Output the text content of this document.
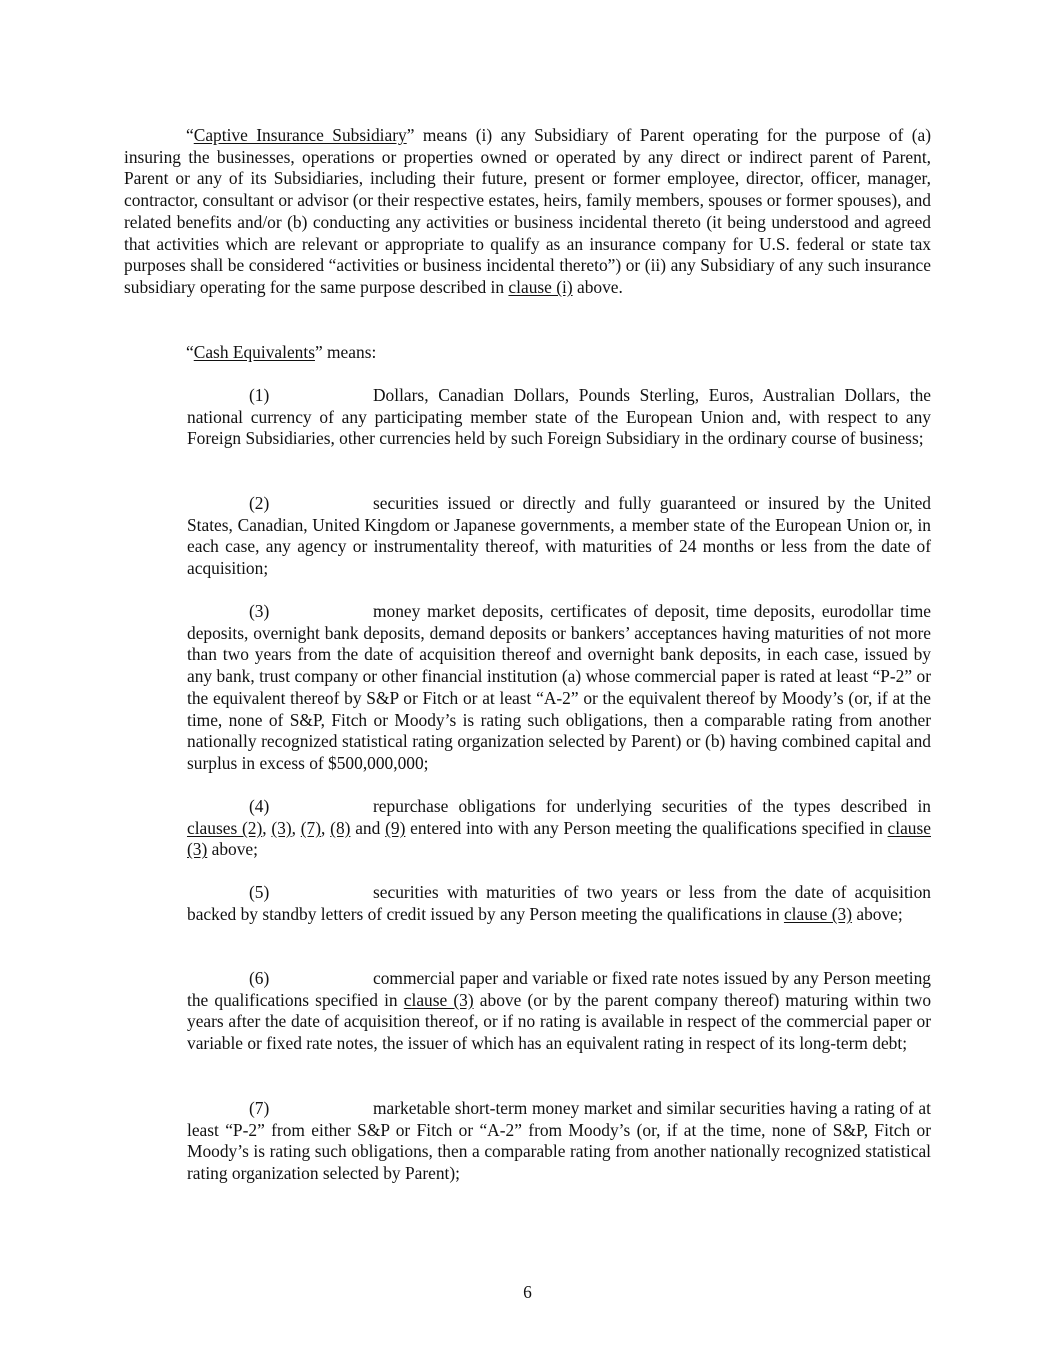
“Captive Insurance Subsidiary” means (i) any Subsidiary of Parent operating for the purpose of (a) insuring the businesses, operations or properties owned or operated by any direct or indirect parent of Parent, Parent or any of its Subsidiaries, including their future, present or former employee, director, officer, manager, contractor, consultant or advisor (or their respective estates, heirs, family members, spouses or former spouses), and related benefits and/or (b) conducting any activities or business incidental thereto (it being understood and agreed that activities which are relevant or appropriate to qualify as an insurance company for U.S. federal or state tax purposes shall be considered “activities or business incidental thereto”) or (ii) any Subsidiary of any such insurance subsidiary operating for the same purpose described in clause (i) above.

“Cash Equivalents” means:

(1)	Dollars, Canadian Dollars, Pounds Sterling, Euros, Australian Dollars, the national currency of any participating member state of the European Union and, with respect to any Foreign Subsidiaries, other currencies held by such Foreign Subsidiary in the ordinary course of business;

(2)	securities issued or directly and fully guaranteed or insured by the United States, Canadian, United Kingdom or Japanese governments, a member state of the European Union or, in each case, any agency or instrumentality thereof, with maturities of 24 months or less from the date of acquisition;

(3)	money market deposits, certificates of deposit, time deposits, eurodollar time deposits, overnight bank deposits, demand deposits or bankers’ acceptances having maturities of not more than two years from the date of acquisition thereof and overnight bank deposits, in each case, issued by any bank, trust company or other financial institution (a) whose commercial paper is rated at least “P-2” or the equivalent thereof by S&P or Fitch or at least “A-2” or the equivalent thereof by Moody’s (or, if at the time, none of S&P, Fitch or Moody’s is rating such obligations, then a comparable rating from another nationally recognized statistical rating organization selected by Parent) or (b) having combined capital and surplus in excess of $500,000,000;

(4)	repurchase obligations for underlying securities of the types described in clauses (2), (3), (7), (8) and (9) entered into with any Person meeting the qualifications specified in clause (3) above;

(5)	securities with maturities of two years or less from the date of acquisition backed by standby letters of credit issued by any Person meeting the qualifications in clause (3) above;

(6)	commercial paper and variable or fixed rate notes issued by any Person meeting the qualifications specified in clause (3) above (or by the parent company thereof) maturing within two years after the date of acquisition thereof, or if no rating is available in respect of the commercial paper or variable or fixed rate notes, the issuer of which has an equivalent rating in respect of its long-term debt;

(7)	marketable short-term money market and similar securities having a rating of at least “P-2” from either S&P or Fitch or “A-2” from Moody’s (or, if at the time, none of S&P, Fitch or Moody’s is rating such obligations, then a comparable rating from another nationally recognized statistical rating organization selected by Parent);

6
